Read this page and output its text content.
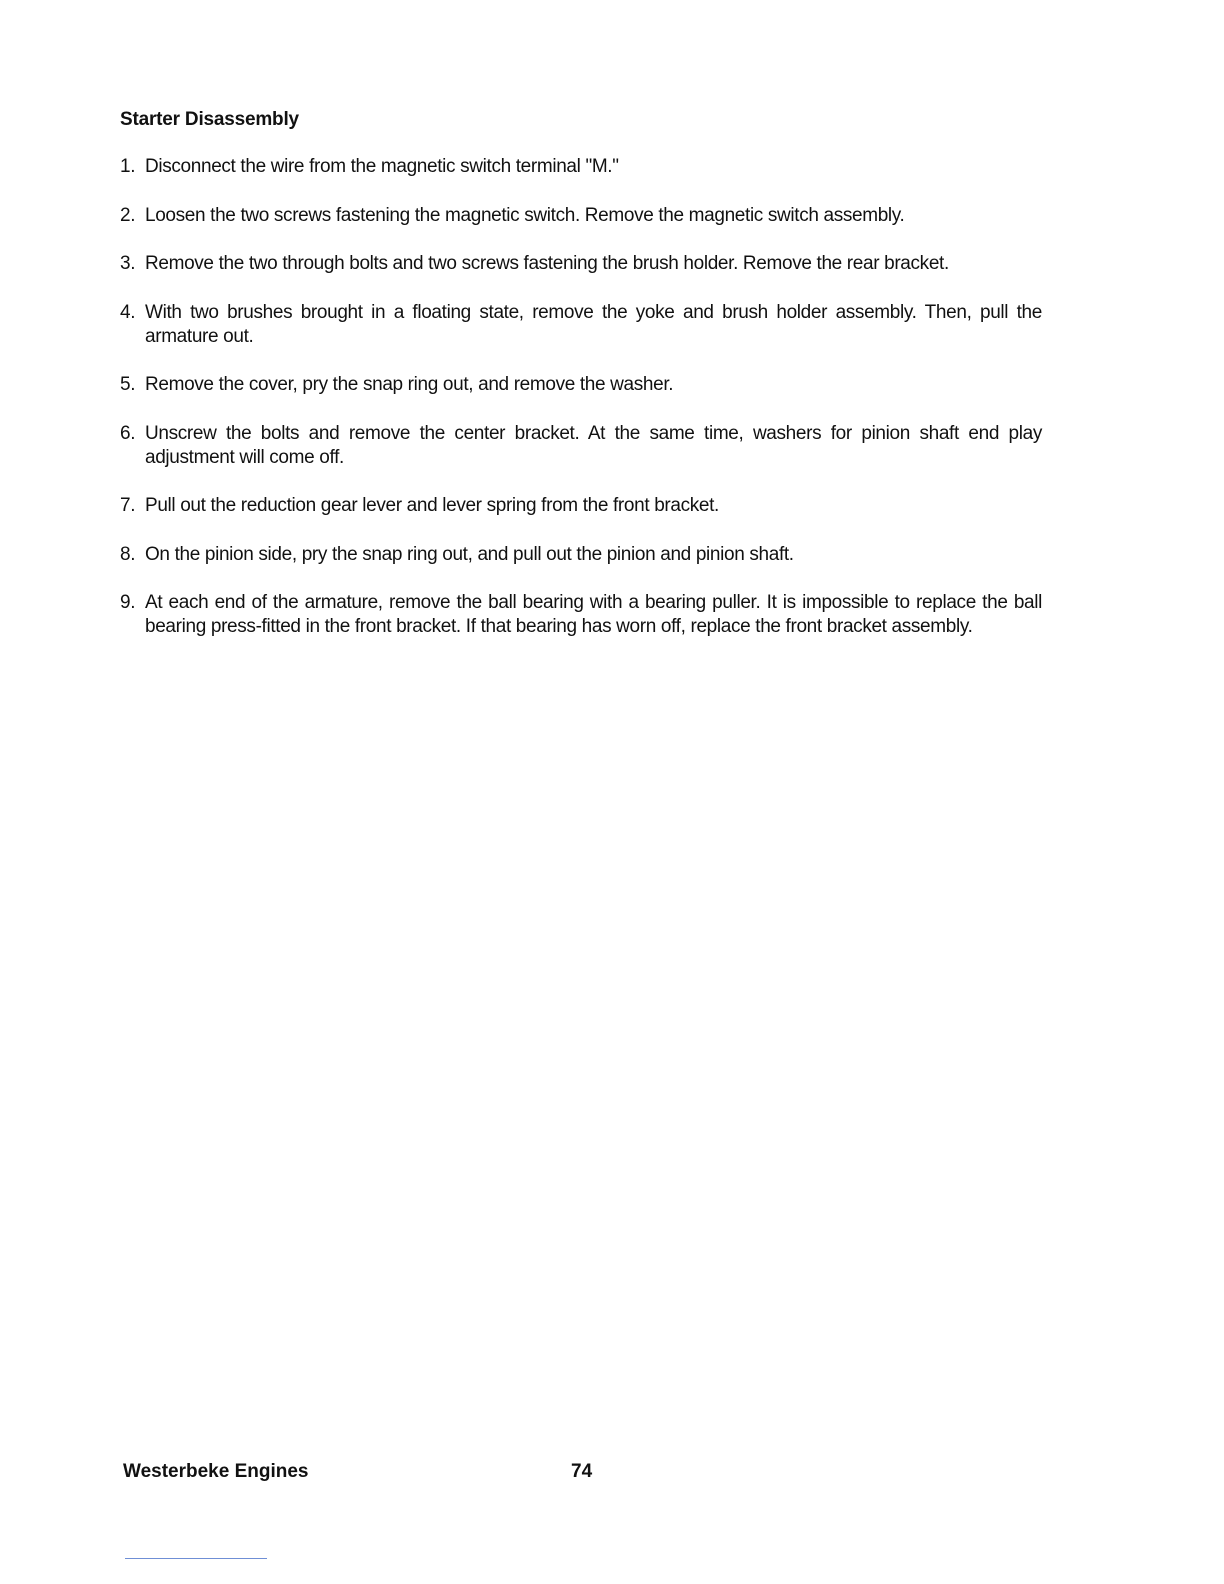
Starter Disassembly
1. Disconnect the wire from the magnetic switch terminal "M."
2. Loosen the two screws fastening the magnetic switch. Remove the magnetic switch assembly.
3. Remove the two through bolts and two screws fastening the brush holder. Remove the rear bracket.
4. With two brushes brought in a floating state, remove the yoke and brush holder assembly. Then, pull the armature out.
5. Remove the cover, pry the snap ring out, and remove the washer.
6. Unscrew the bolts and remove the center bracket. At the same time, washers for pinion shaft end play adjustment will come off.
7. Pull out the reduction gear lever and lever spring from the front bracket.
8. On the pinion side, pry the snap ring out, and pull out the pinion and pinion shaft.
9. At each end of the armature, remove the ball bearing with a bearing puller. It is impossible to replace the ball bearing press-fitted in the front bracket. If that bearing has worn off, replace the front bracket assembly.
Westerbeke Engines	74
